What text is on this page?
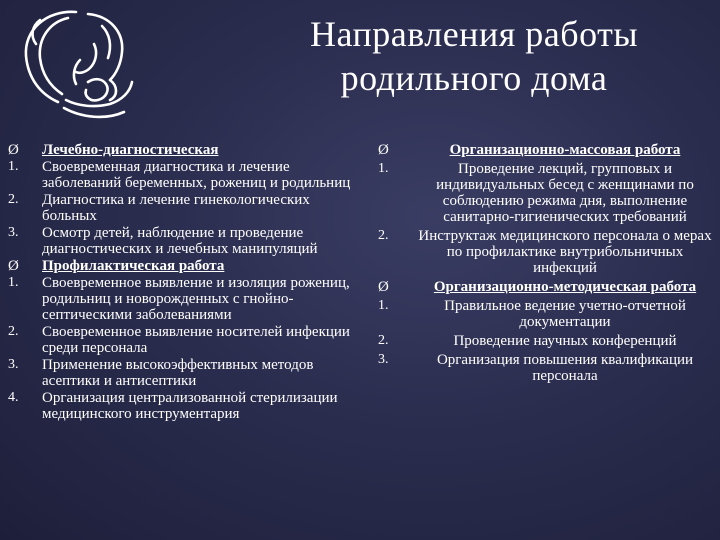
Направления работы родильного дома
Ø	Лечебно-диагностическая
1.	Своевременная диагностика и лечение заболеваний беременных, рожениц и родильниц
2.	Диагностика и лечение гинекологических больных
3.	Осмотр детей, наблюдение и проведение диагностических и лечебных манипуляций
Ø	Профилактическая работа
1.	Своевременное выявление и изоляция рожениц, родильниц и новорожденных с гнойно-септическими заболеваниями
2.	Своевременное выявление носителей инфекции среди персонала
3.	Применение высокоэффективных методов асептики и антисептики
4.	Организация централизованной стерилизации медицинского инструментария
Ø	Организационно-массовая работа
1.	Проведение лекций, групповых и индивидуальных бесед с женщинами по соблюдению режима дня, выполнение санитарно-гигиенических требований
2.	Инструктаж медицинского персонала о мерах по профилактике внутрибольничных инфекций
Ø	Организационно-методическая работа
1.	Правильное ведение учетно-отчетной документации
2.	Проведение научных конференций
3.	Организация повышения квалификации персонала
